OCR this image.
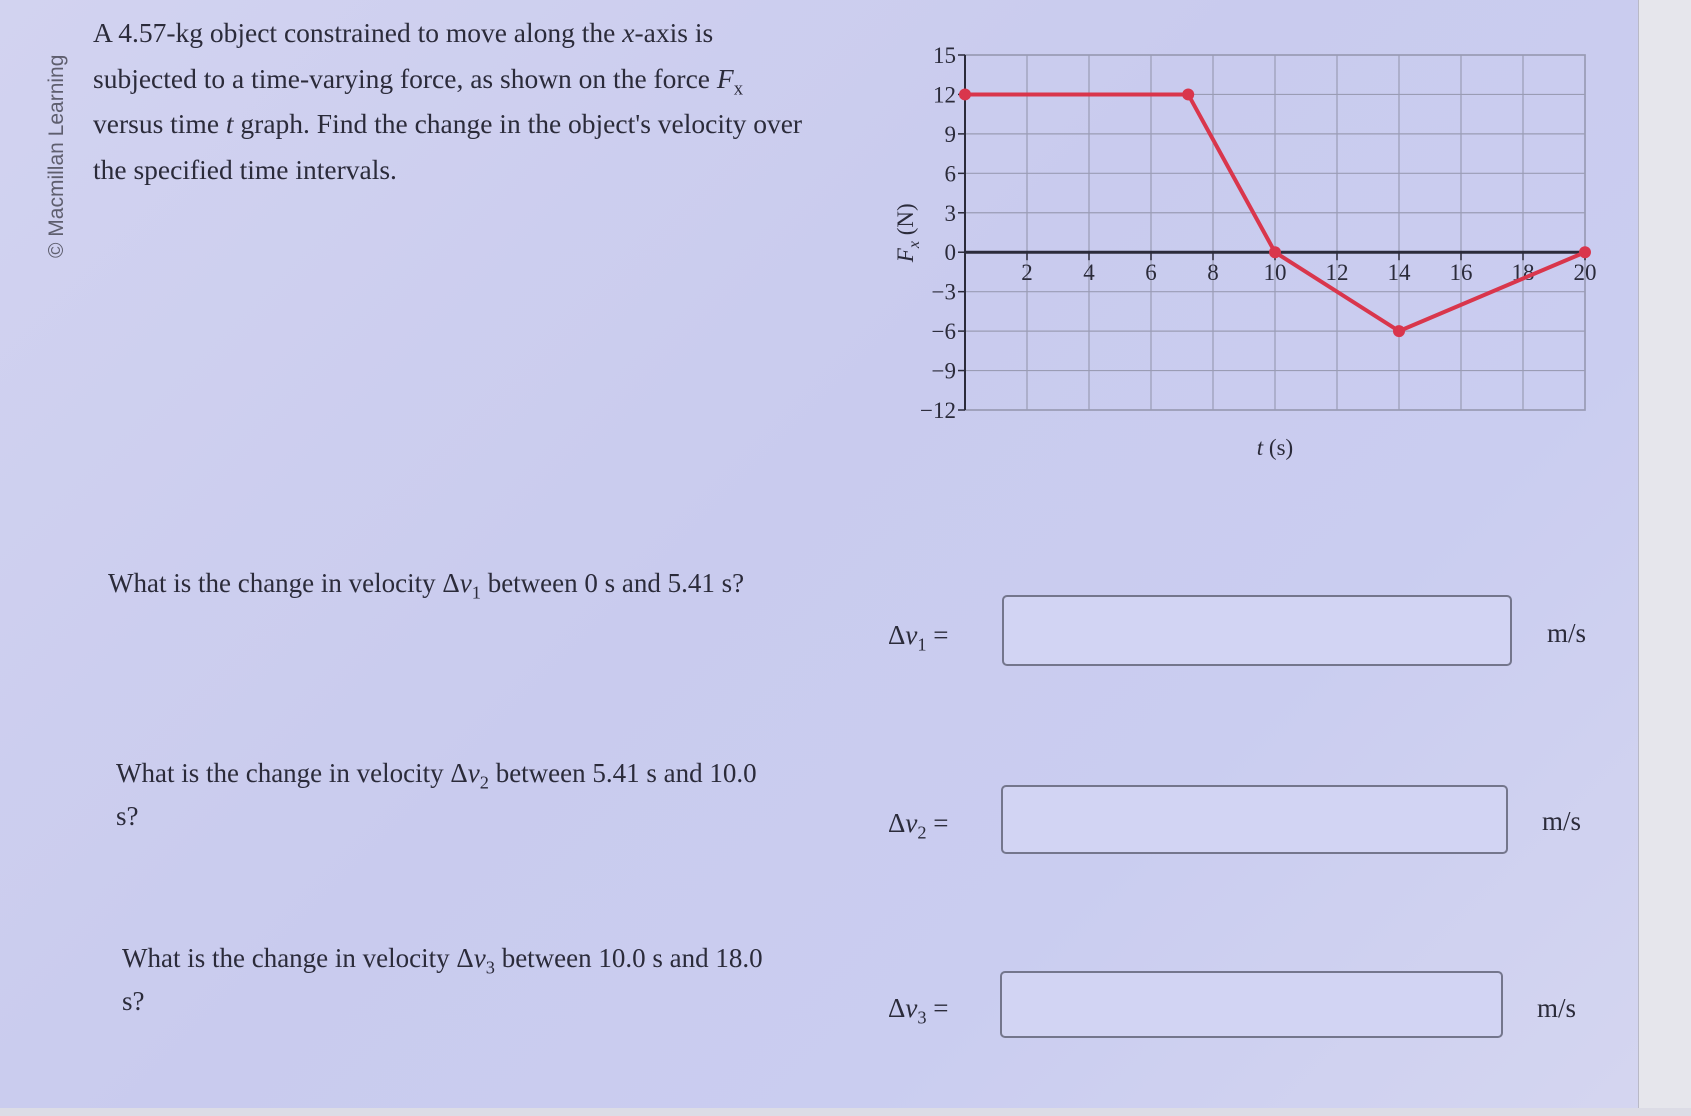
© Macmillan Learning

A 4.57-kg object constrained to move along the x-axis is subjected to a time-varying force, as shown on the force $F_x$ versus time t graph. Find the change in the object's velocity over the specified time intervals.

15
12
9
6
3
0
−3
−6
−9
−12
2 4 6 8 10 12 14 16 18 20
$F_x$ (N)
t (s)

What is the change in velocity $\Delta v_1$ between 0 s and 5.41 s?

$\Delta v_1$ =	m/s

What is the change in velocity $\Delta v_2$ between 5.41 s and 10.0 s?	$\Delta v_2$ =	m/s

What is the change in velocity $\Delta v_3$ between 10.0 s and 18.0 s?	$\Delta v_3$ =	m/s
